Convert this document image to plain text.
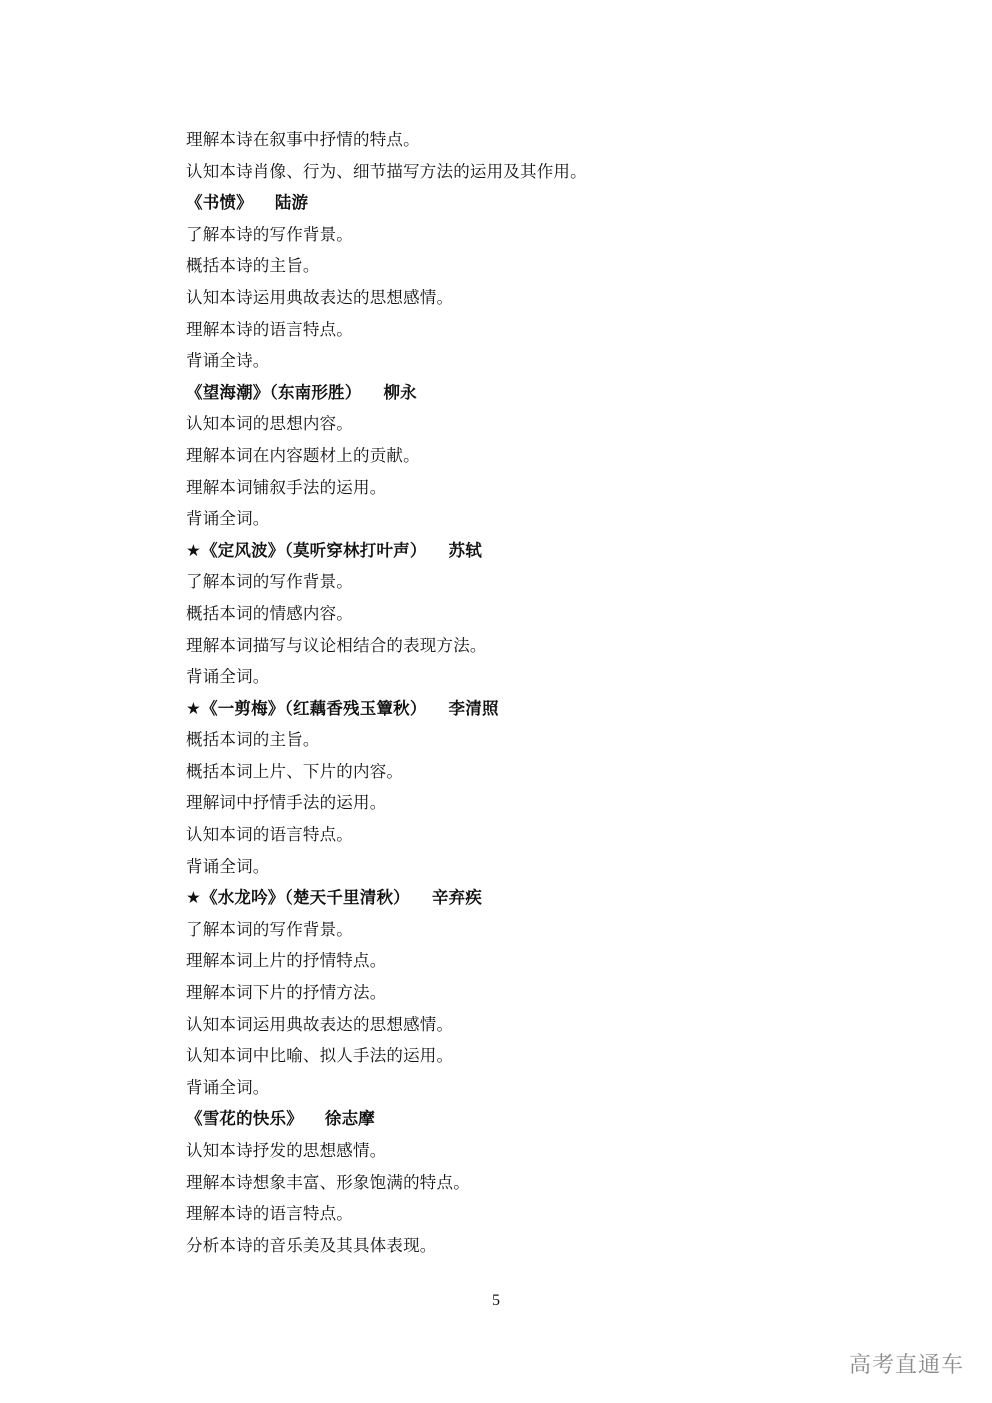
理解本诗在叙事中抒情的特点。
认知本诗肖像、行为、细节描写方法的运用及其作用。
《书愤》 陆游
了解本诗的写作背景。
概括本诗的主旨。
认知本诗运用典故表达的思想感情。
理解本诗的语言特点。
背诵全诗。
《望海潮》（东南形胜） 柳永
认知本词的思想内容。
理解本词在内容题材上的贡献。
理解本词铺叙手法的运用。
背诵全词。
★《定风波》（莫听穿林打叶声） 苏轼
了解本词的写作背景。
概括本词的情感内容。
理解本词描写与议论相结合的表现方法。
背诵全词。
★《一剪梅》（红藕香残玉簟秋） 李清照
概括本词的主旨。
概括本词上片、下片的内容。
理解词中抒情手法的运用。
认知本词的语言特点。
背诵全词。
★《水龙吟》（楚天千里清秋） 辛弃疾
了解本词的写作背景。
理解本词上片的抒情特点。
理解本词下片的抒情方法。
认知本词运用典故表达的思想感情。
认知本词中比喻、拟人手法的运用。
背诵全词。
《雪花的快乐》 徐志摩
认知本诗抒发的思想感情。
理解本诗想象丰富、形象饱满的特点。
理解本诗的语言特点。
分析本诗的音乐美及其具体表现。
5
高考直通车
